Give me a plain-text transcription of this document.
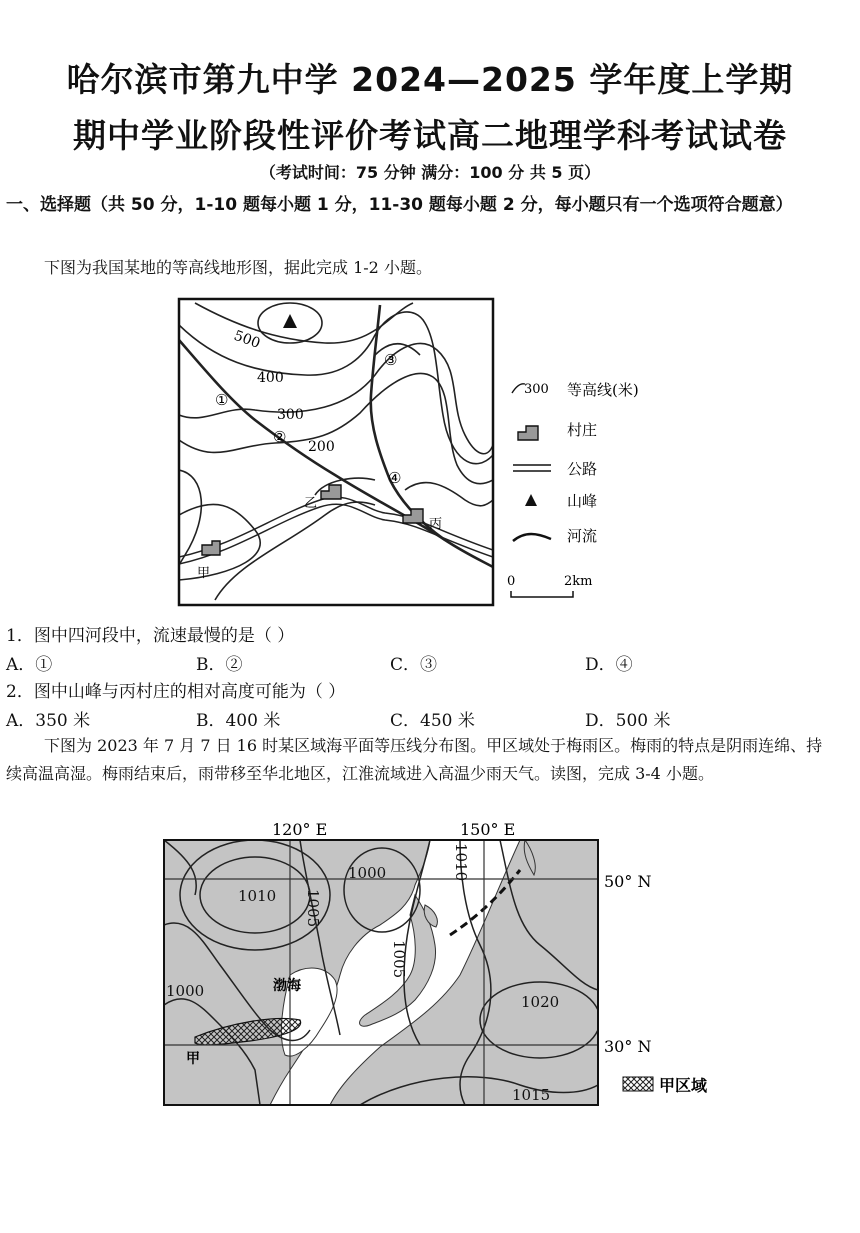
哈尔滨市第九中学 2024—2025 学年度上学期
期中学业阶段性评价考试高二地理学科考试试卷
（考试时间：75 分钟 满分：100 分 共 5 页）
一、选择题（共 50 分，1-10 题每小题 1 分，11-30 题每小题 2 分，每小题只有一个选项符合题意）
下图为我国某地的等高线地形图，据此完成 1-2 小题。
500
400
300
200
①
②
③
④
甲
乙
丙
300 等高线(米)
村庄
公路
山峰
河流
0	2km
1．图中四河段中，流速最慢的是（ ）
A．①	B．②	C．③	D．④
2．图中山峰与丙村庄的相对高度可能为（ ）
A．350 米	B．400 米	C．450 米	D．500 米
下图为 2023 年 7 月 7 日 16 时某区域海平面等压线分布图。甲区域处于梅雨区。梅雨的特点是阴雨连绵、持续高温高湿。梅雨结束后，雨带移至华北地区，江淮流域进入高温少雨天气。读图，完成 3-4 小题。
120° E	150° E
50° N
30° N
1010
1000
1005
1010
1000
1005
1020
1015
渤海
甲
甲区域
